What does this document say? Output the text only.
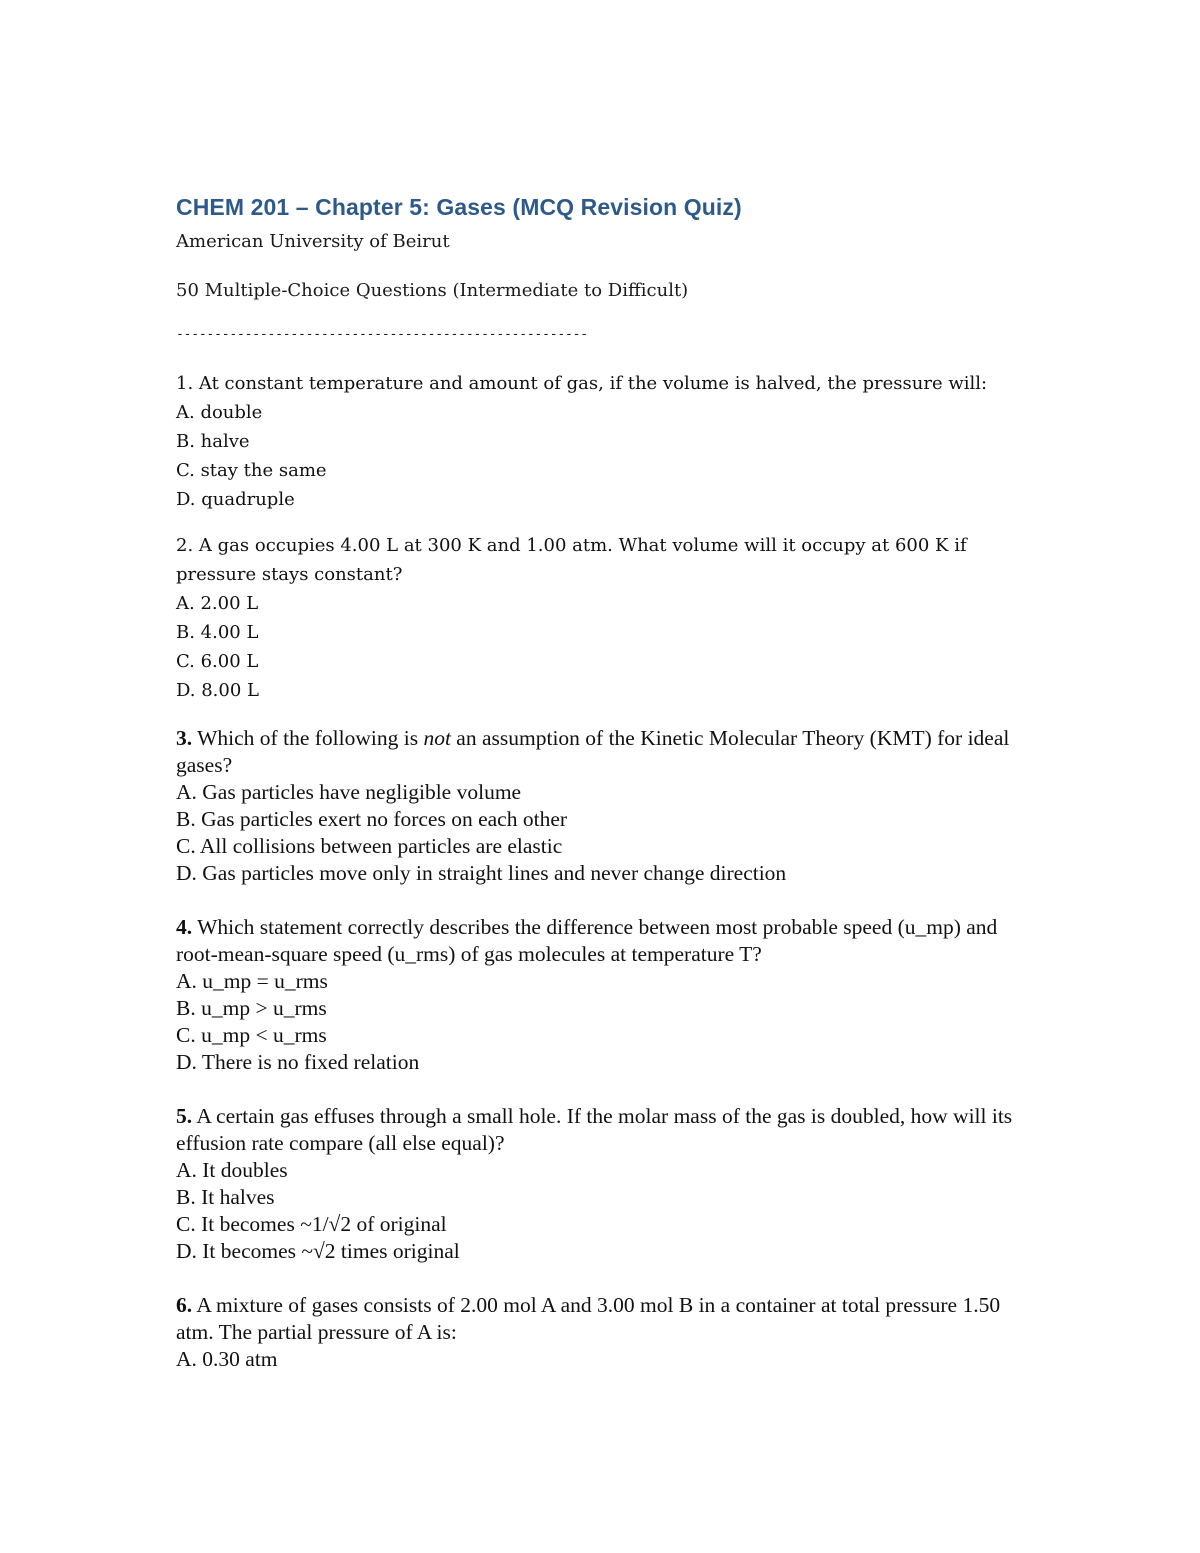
CHEM 201 – Chapter 5: Gases (MCQ Revision Quiz)
American University of Beirut
50 Multiple-Choice Questions (Intermediate to Difficult)
------------------------------------------------------

1. At constant temperature and amount of gas, if the volume is halved, the pressure will:

A. double

B. halve

C. stay the same

D. quadruple

2. A gas occupies 4.00 L at 300 K and 1.00 atm. What volume will it occupy at 600 K if pressure stays constant?

A. 2.00 L

B. 4.00 L

C. 6.00 L

D. 8.00 L

3. Which of the following is not an assumption of the Kinetic Molecular Theory (KMT) for ideal gases?

A. Gas particles have negligible volume

B. Gas particles exert no forces on each other

C. All collisions between particles are elastic

D. Gas particles move only in straight lines and never change direction

4. Which statement correctly describes the difference between most probable speed (u_mp) and root-mean-square speed (u_rms) of gas molecules at temperature T?

A. u_mp = u_rms

B. u_mp > u_rms

C. u_mp < u_rms

D. There is no fixed relation

5. A certain gas effuses through a small hole. If the molar mass of the gas is doubled, how will its effusion rate compare (all else equal)?

A. It doubles

B. It halves

C. It becomes ~1/√2 of original

D. It becomes ~√2 times original

6. A mixture of gases consists of 2.00 mol A and 3.00 mol B in a container at total pressure 1.50 atm. The partial pressure of A is:

A. 0.30 atm
